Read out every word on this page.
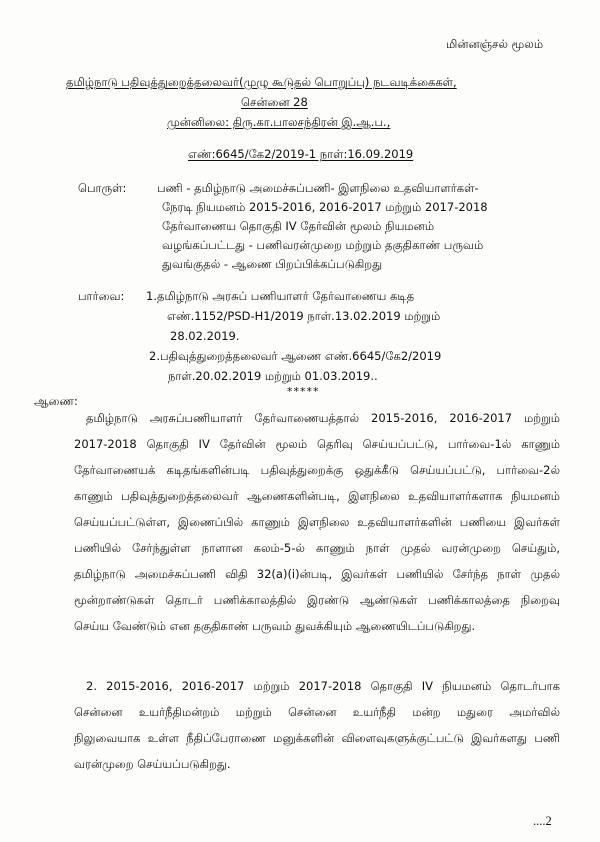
மின்னஞ்சல் மூலம்
தமிழ்நாடு பதிவுத்துறைத்தலைவர்(முழு கூடுதல் பொறுப்பு) நடவடிக்கைகள்,
சென்னை 28
முன்னிலை: திரு.கா.பாலசந்திரன் இ.ஆ.ப.,
எண்:6645/கே2/2019-1 நாள்:16.09.2019
பொருள்:	பணி - தமிழ்நாடு அமைச்சுப்பணி- இளநிலை உதவியாளர்கள்-
நேரடி நியமனம் 2015-2016, 2016-2017 மற்றும் 2017-2018
தேர்வாணைய தொகுதி IV தேர்வின் மூலம் நியமனம்
வழங்கப்பட்டது - பணிவரன்முறை மற்றும் தகுதிகாண் பருவம்
துவங்குதல் - ஆணை பிறப்பிக்கப்படுகிறது
பார்வை: 1.தமிழ்நாடு அரசுப் பணியாளர் தேர்வாணைய கடித
எண்.1152/PSD-H1/2019 நாள்.13.02.2019 மற்றும்
28.02.2019.
2.பதிவுத்துறைத்தலைவர் ஆணை எண்.6645/கே2/2019
நாள்.20.02.2019 மற்றும் 01.03.2019..
*****
ஆணை:
தமிழ்நாடு அரசுப்பணியாளர் தேர்வாணையத்தால் 2015-2016, 2016-2017 மற்றும்
2017-2018 தொகுதி IV தேர்வின் மூலம் தெரிவு செய்யப்பட்டு, பார்வை-1ல் காணும்
தேர்வாணையக் கடிதங்களின்படி பதிவுத்துறைக்கு ஒதுக்கீடு செய்யப்பட்டு, பார்வை-2ல்
காணும் பதிவுத்துறைத்தலைவர் ஆணைகளின்படி, இளநிலை உதவியாளர்களாக நியமனம்
செய்யப்பட்டுள்ள, இணைப்பில் காணும் இளநிலை உதவியாளர்களின் பணியை இவர்கள்
பணியில் சேர்ந்துள்ள நாளான கலம்-5-ல் காணும் நாள் முதல் வரன்முறை செய்தும்,
தமிழ்நாடு அமைச்சுப்பணி விதி 32(a)(i)ன்படி, இவர்கள் பணியில் சேர்ந்த நாள் முதல்
மூன்றாண்டுகள் தொடர் பணிக்காலத்தில் இரண்டு ஆண்டுகள் பணிக்காலத்தை நிறைவு
செய்ய வேண்டும் என தகுதிகாண் பருவம் துவக்கியும் ஆணையிடப்படுகிறது.
2. 2015-2016, 2016-2017 மற்றும் 2017-2018 தொகுதி IV நியமனம் தொடர்பாக
சென்னை உயர்நீதிமன்றம் மற்றும் சென்னை உயர்நீதி மன்ற மதுரை அமர்வில்
நிலுவையாக உள்ள நீதிப்பேராணை மனுக்களின் விளைவுகளுக்குட்பட்டு இவர்களது பணி
வரன்முறை செய்யப்படுகிறது.
....2
